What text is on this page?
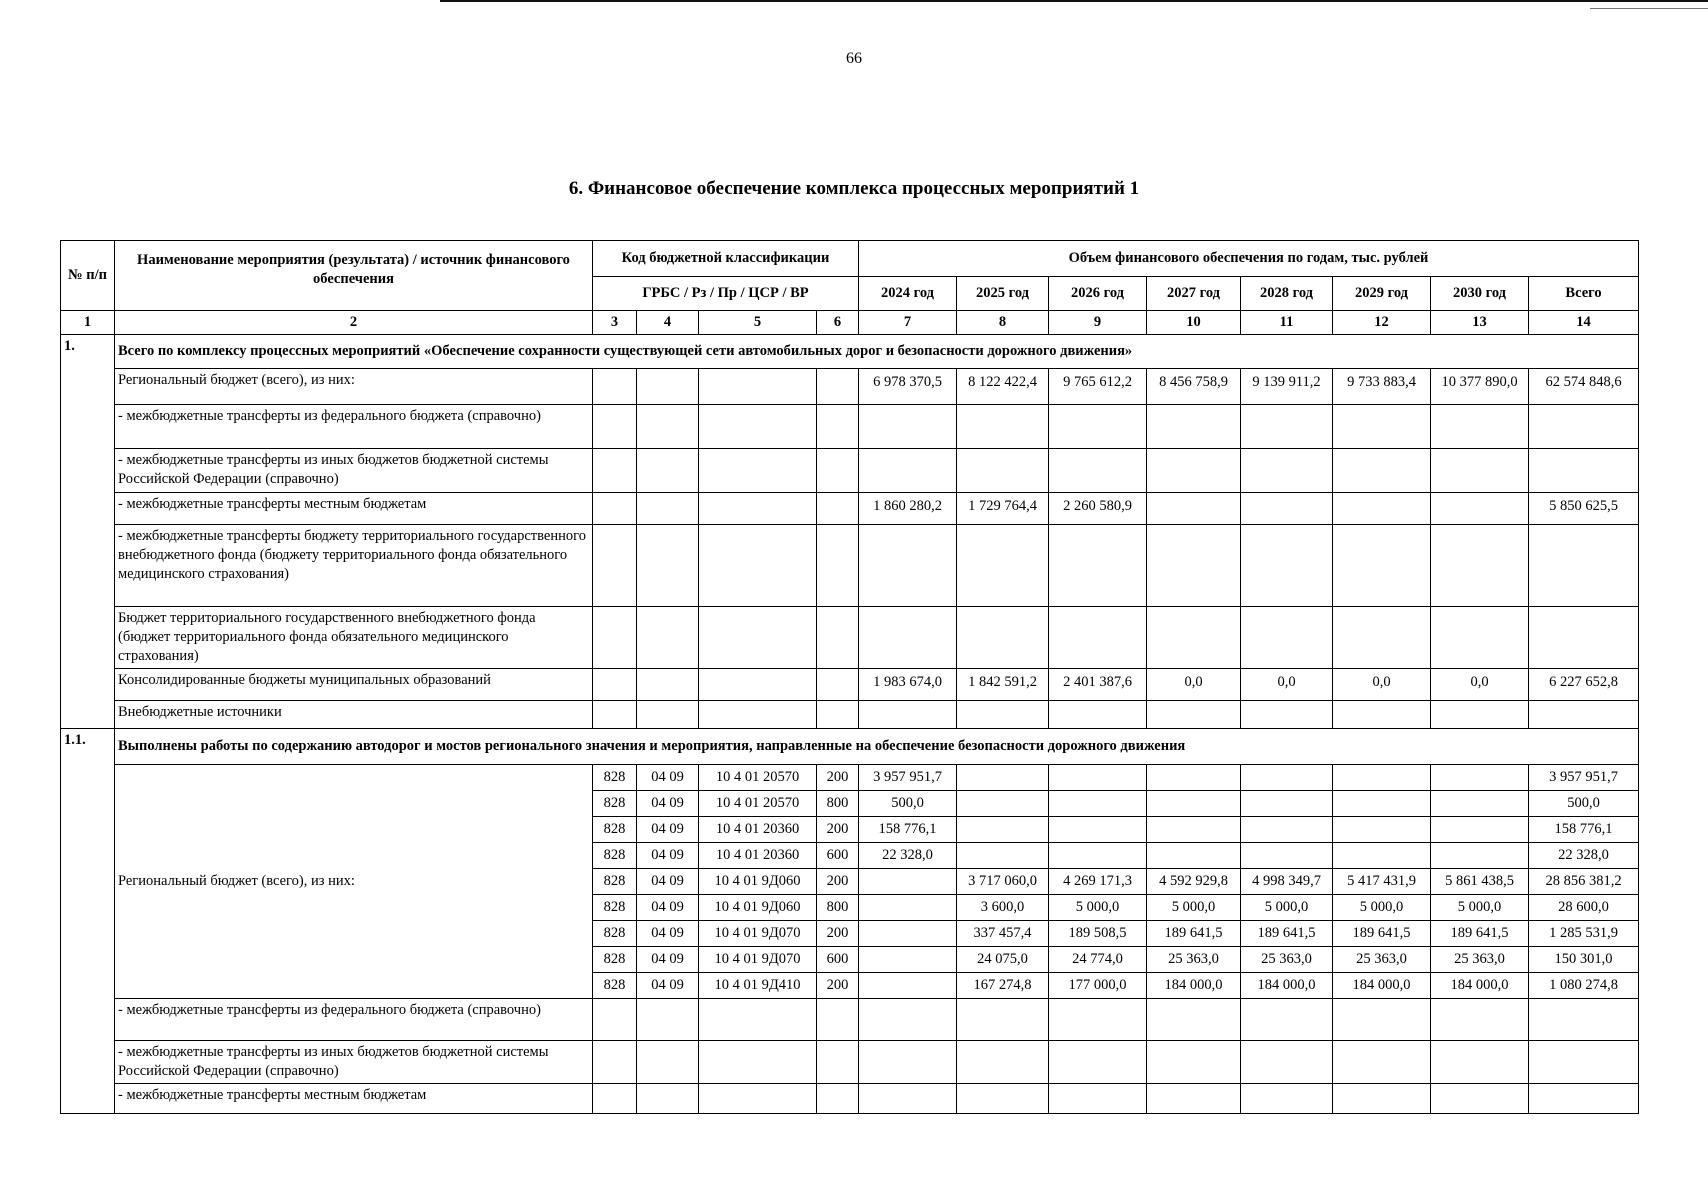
66
6. Финансовое обеспечение комплекса процессных мероприятий 1
№ п/п	Наименование мероприятия (результата) / источник финансового обеспечения	Код бюджетной классификации				Объем финансового обеспечения по годам, тыс. рублей							
		ГРБС / Рз / Пр / ЦСР / ВР				2024 год	2025 год	2026 год	2027 год	2028 год	2029 год	2030 год	Всего
1	2	3	4	5	6	7	8	9	10	11	12	13	14
1.	Всего по комплексу процессных мероприятий «Обеспечение сохранности существующей сети автомобильных дорог и безопасности дорожного движения»												
	Региональный бюджет (всего), из них:					6 978 370,5	8 122 422,4	9 765 612,2	8 456 758,9	9 139 911,2	9 733 883,4	10 377 890,0	62 574 848,6
	- межбюджетные трансферты из федерального бюджета (справочно)												
	- межбюджетные трансферты из иных бюджетов бюджетной системы Российской Федерации (справочно)												
	- межбюджетные трансферты местным бюджетам					1 860 280,2	1 729 764,4	2 260 580,9					5 850 625,5
	- межбюджетные трансферты бюджету территориального государственного внебюджетного фонда (бюджету территориального фонда обязательного медицинского страхования)												
	Бюджет территориального государственного внебюджетного фонда (бюджет территориального фонда обязательного медицинского страхования)												
	Консолидированные бюджеты муниципальных образований					1 983 674,0	1 842 591,2	2 401 387,6	0,0	0,0	0,0	0,0	6 227 652,8
	Внебюджетные источники												
1.1.	Выполнены работы по содержанию автодорог и мостов регионального значения и мероприятия, направленные на обеспечение безопасности дорожного движения												
	Региональный бюджет (всего), из них:	828	04 09	10 4 01 20570	200	3 957 951,7							3 957 951,7
		828	04 09	10 4 01 20570	800	500,0							500,0
		828	04 09	10 4 01 20360	200	158 776,1							158 776,1
		828	04 09	10 4 01 20360	600	22 328,0							22 328,0
		828	04 09	10 4 01 9Д060	200		3 717 060,0	4 269 171,3	4 592 929,8	4 998 349,7	5 417 431,9	5 861 438,5	28 856 381,2
		828	04 09	10 4 01 9Д060	800		3 600,0	5 000,0	5 000,0	5 000,0	5 000,0	5 000,0	28 600,0
		828	04 09	10 4 01 9Д070	200		337 457,4	189 508,5	189 641,5	189 641,5	189 641,5	189 641,5	1 285 531,9
		828	04 09	10 4 01 9Д070	600		24 075,0	24 774,0	25 363,0	25 363,0	25 363,0	25 363,0	150 301,0
		828	04 09	10 4 01 9Д410	200		167 274,8	177 000,0	184 000,0	184 000,0	184 000,0	184 000,0	1 080 274,8
	- межбюджетные трансферты из федерального бюджета (справочно)												
	- межбюджетные трансферты из иных бюджетов бюджетной системы Российской Федерации (справочно)												
	- межбюджетные трансферты местным бюджетам												
